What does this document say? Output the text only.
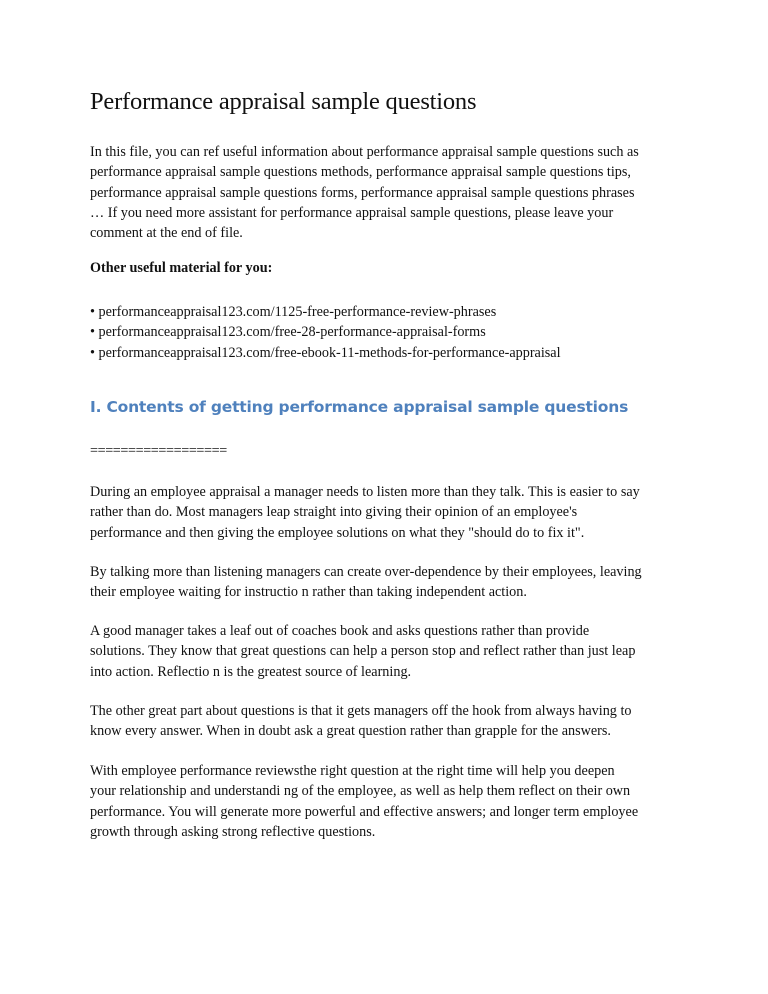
Performance appraisal sample questions
In this file, you can ref useful information about performance appraisal sample questions such as
performance appraisal sample questions methods, performance appraisal sample questions tips,
performance appraisal sample questions forms, performance appraisal sample questions phrases
… If you need more assistant for performance appraisal sample questions, please leave your
comment at the end of file.

Other useful material for you:

• performanceappraisal123.com/1125-free-performance-review-phrases
• performanceappraisal123.com/free-28-performance-appraisal-forms
• performanceappraisal123.com/free-ebook-11-methods-for-performance-appraisal
I. Contents of getting performance appraisal sample questions

==================

During an employee appraisal a manager needs to listen more than they talk. This is easier to say
rather than do. Most managers leap straight into giving their opinion of an employee's
performance and then giving the employee solutions on what they "should do to fix it".
By talking more than listening managers can create over-dependence by their employees, leaving
their employee waiting for instructio n rather than taking independent action.
A good manager takes a leaf out of coaches book and asks questions rather than provide
solutions. They know that great questions can help a person stop and reflect rather than just leap
into action. Reflectio n is the greatest source of learning.
The other great part about questions is that it gets managers off the hook from always having to
know every answer. When in doubt ask a great question rather than grapple for the answers.
With employee performance reviewsthe right question at the right time will help you deepen
your relationship and understandi ng of the employee, as well as help them reflect on their own
performance. You will generate more powerful and effective answers; and longer term employee
growth through asking strong reflective questions.
